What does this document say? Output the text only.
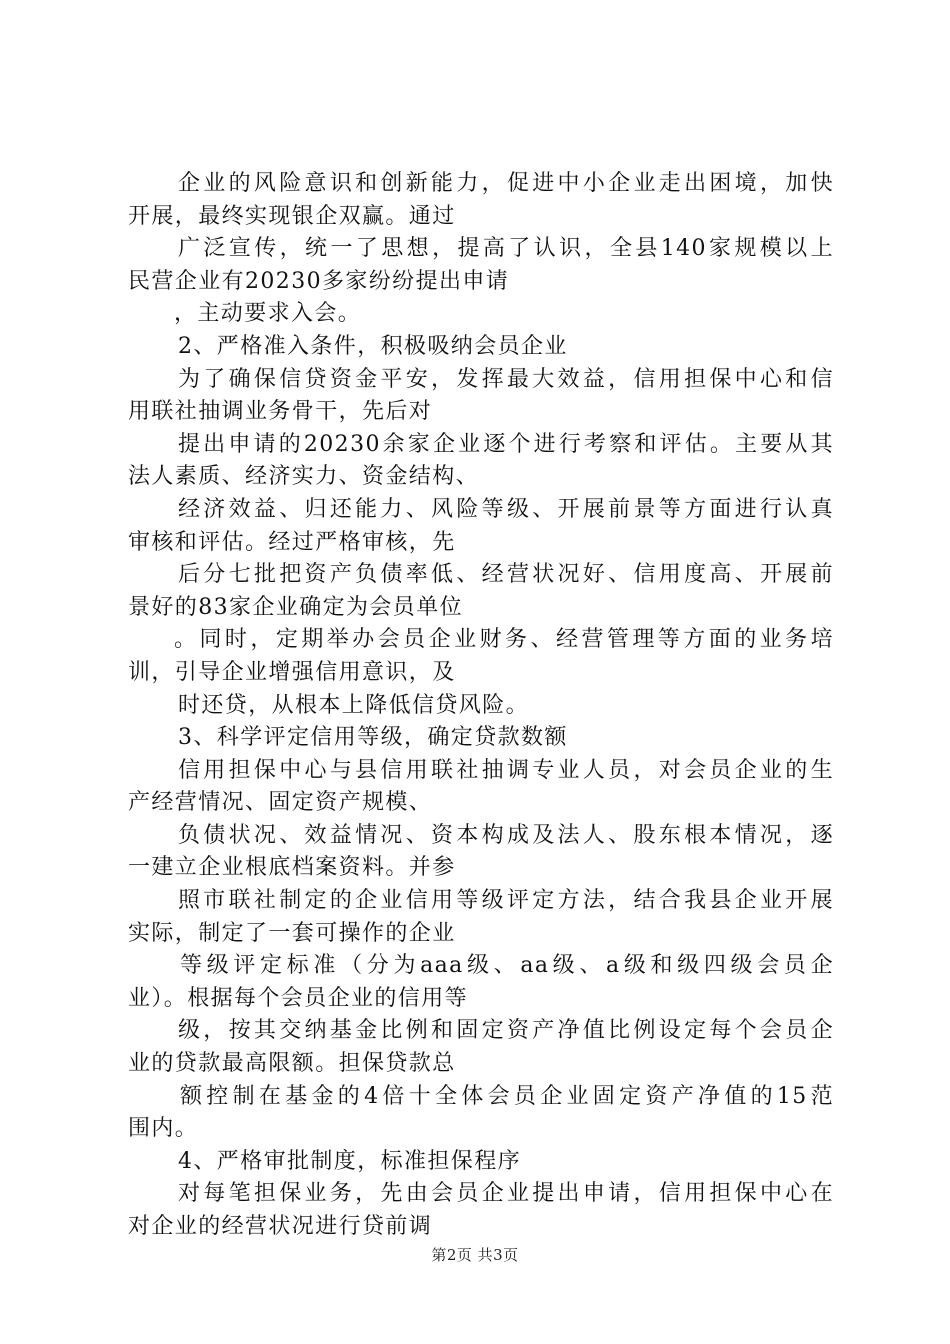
企业的风险意识和创新能力，促进中小企业走出困境，加快
开展，最终实现银企双赢。通过
广泛宣传，统一了思想，提高了认识，全县140家规模以上
民营企业有20230多家纷纷提出申请
，主动要求入会。
2、严格准入条件，积极吸纳会员企业
为了确保信贷资金平安，发挥最大效益，信用担保中心和信
用联社抽调业务骨干，先后对
提出申请的20230余家企业逐个进行考察和评估。主要从其
法人素质、经济实力、资金结构、
经济效益、归还能力、风险等级、开展前景等方面进行认真
审核和评估。经过严格审核，先
后分七批把资产负债率低、经营状况好、信用度高、开展前
景好的83家企业确定为会员单位
。同时，定期举办会员企业财务、经营管理等方面的业务培
训，引导企业增强信用意识，及
时还贷，从根本上降低信贷风险。
3、科学评定信用等级，确定贷款数额
信用担保中心与县信用联社抽调专业人员，对会员企业的生
产经营情况、固定资产规模、
负债状况、效益情况、资本构成及法人、股东根本情况，逐
一建立企业根底档案资料。并参
照市联社制定的企业信用等级评定方法，结合我县企业开展
实际，制定了一套可操作的企业
等级评定标准（分为aaa级、aa级、a级和级四级会员企
业）。根据每个会员企业的信用等
级，按其交纳基金比例和固定资产净值比例设定每个会员企
业的贷款最高限额。担保贷款总
额控制在基金的4倍十全体会员企业固定资产净值的15范
围内。
4、严格审批制度，标准担保程序
对每笔担保业务，先由会员企业提出申请，信用担保中心在
对企业的经营状况进行贷前调
第2页 共3页
